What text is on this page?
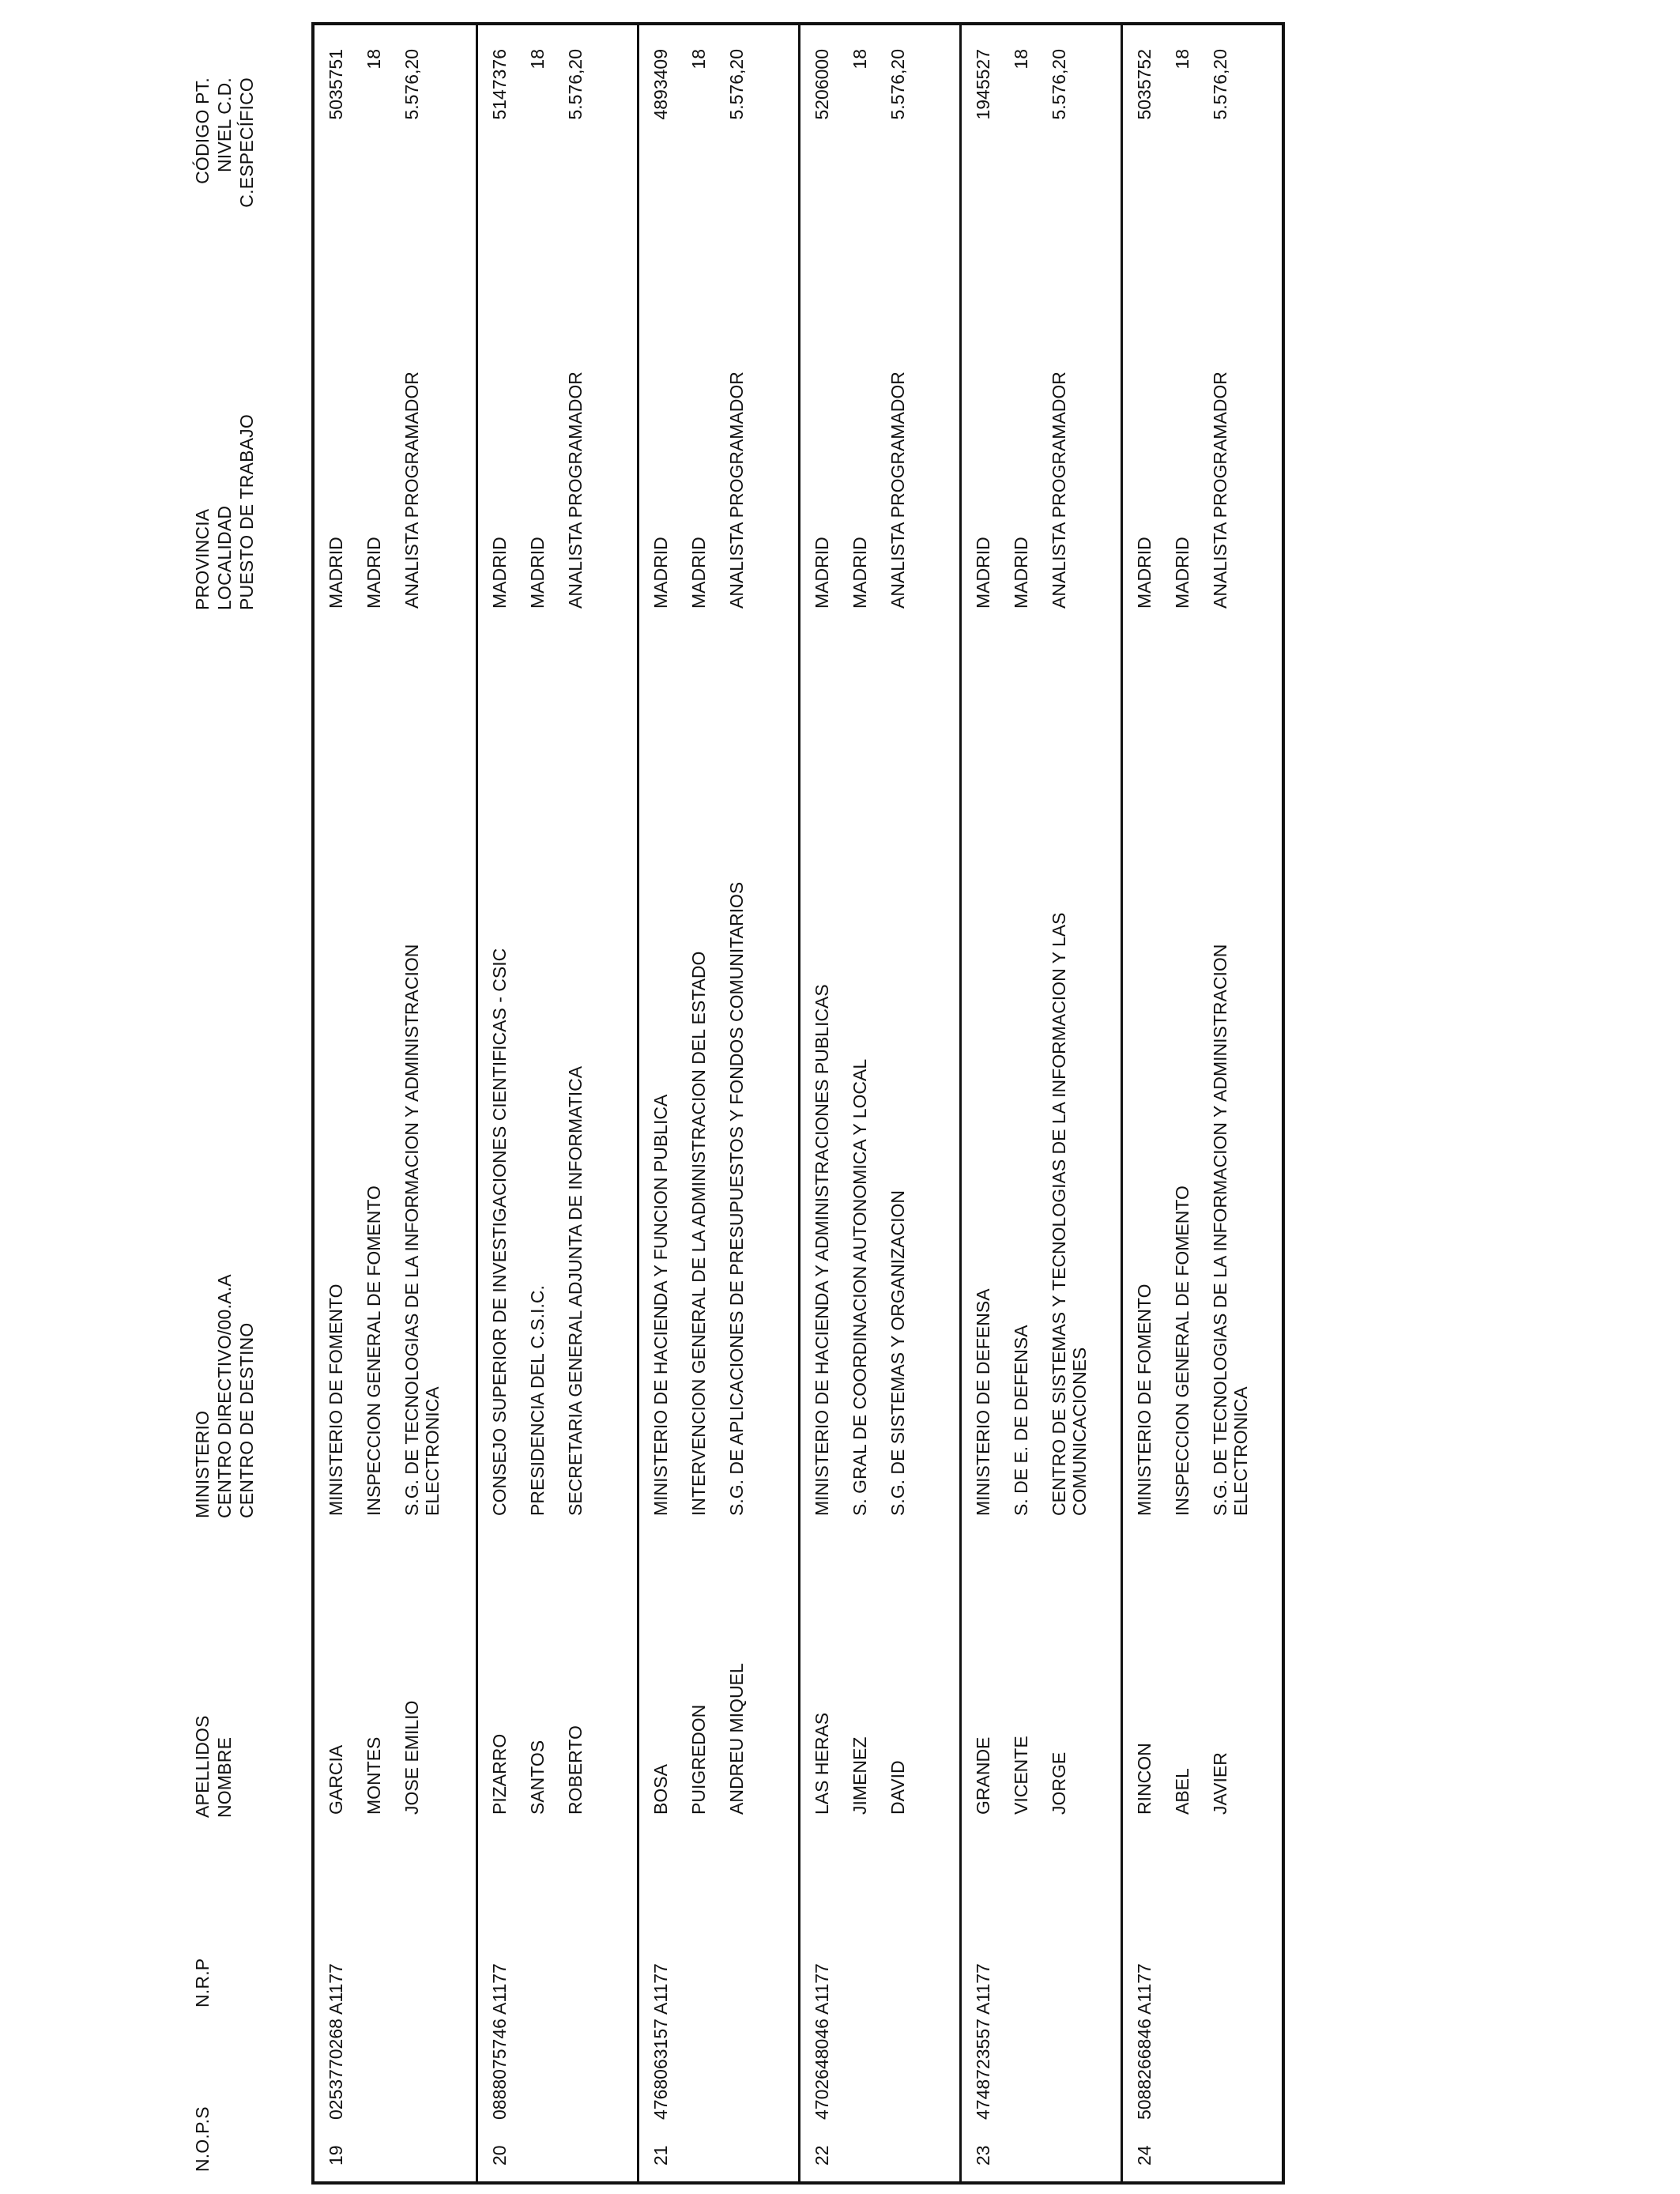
N.O.P.S
N.R.P
APELLIDOS NOMBRE
MINISTERIO CENTRO DIRECTIVO/00.A.A CENTRO DE DESTINO
PROVINCIA LOCALIDAD PUESTO DE TRABAJO
CÓDIGO PT. NIVEL C.D. C.ESPECÍFICO
19
0253770268 A1177
GARCIA MONTES JOSE EMILIO
MINISTERIO DE FOMENTO INSPECCION GENERAL DE FOMENTO S.G. DE TECNOLOGIAS DE LA INFORMACION Y ADMINISTRACION ELECTRONICA
MADRID MADRID ANALISTA PROGRAMADOR
5035751 18 5.576,20
20
0888075746 A1177
PIZARRO SANTOS ROBERTO
CONSEJO SUPERIOR DE INVESTIGACIONES CIENTIFICAS - CSIC PRESIDENCIA DEL C.S.I.C. SECRETARIA GENERAL ADJUNTA DE INFORMATICA
MADRID MADRID ANALISTA PROGRAMADOR
5147376 18 5.576,20
21
4768063157 A1177
BOSA PUIGREDON ANDREU MIQUEL
MINISTERIO DE HACIENDA Y FUNCION PUBLICA INTERVENCION GENERAL DE LA ADMINISTRACION DEL ESTADO S.G. DE APLICACIONES DE PRESUPUESTOS Y FONDOS COMUNITARIOS
MADRID MADRID ANALISTA PROGRAMADOR
4893409 18 5.576,20
22
4702648046 A1177
LAS HERAS JIMENEZ DAVID
MINISTERIO DE HACIENDA Y ADMINISTRACIONES PUBLICAS S. GRAL DE COORDINACION AUTONOMICA Y LOCAL S.G. DE SISTEMAS Y ORGANIZACION
MADRID MADRID ANALISTA PROGRAMADOR
5206000 18 5.576,20
23
4748723557 A1177
GRANDE VICENTE JORGE
MINISTERIO DE DEFENSA S. DE E. DE DEFENSA CENTRO DE SISTEMAS Y TECNOLOGIAS DE LA INFORMACION Y LAS COMUNICACIONES
MADRID MADRID ANALISTA PROGRAMADOR
1945527 18 5.576,20
24
5088266846 A1177
RINCON ABEL JAVIER
MINISTERIO DE FOMENTO INSPECCION GENERAL DE FOMENTO S.G. DE TECNOLOGIAS DE LA INFORMACION Y ADMINISTRACION ELECTRONICA
MADRID MADRID ANALISTA PROGRAMADOR
5035752 18 5.576,20
